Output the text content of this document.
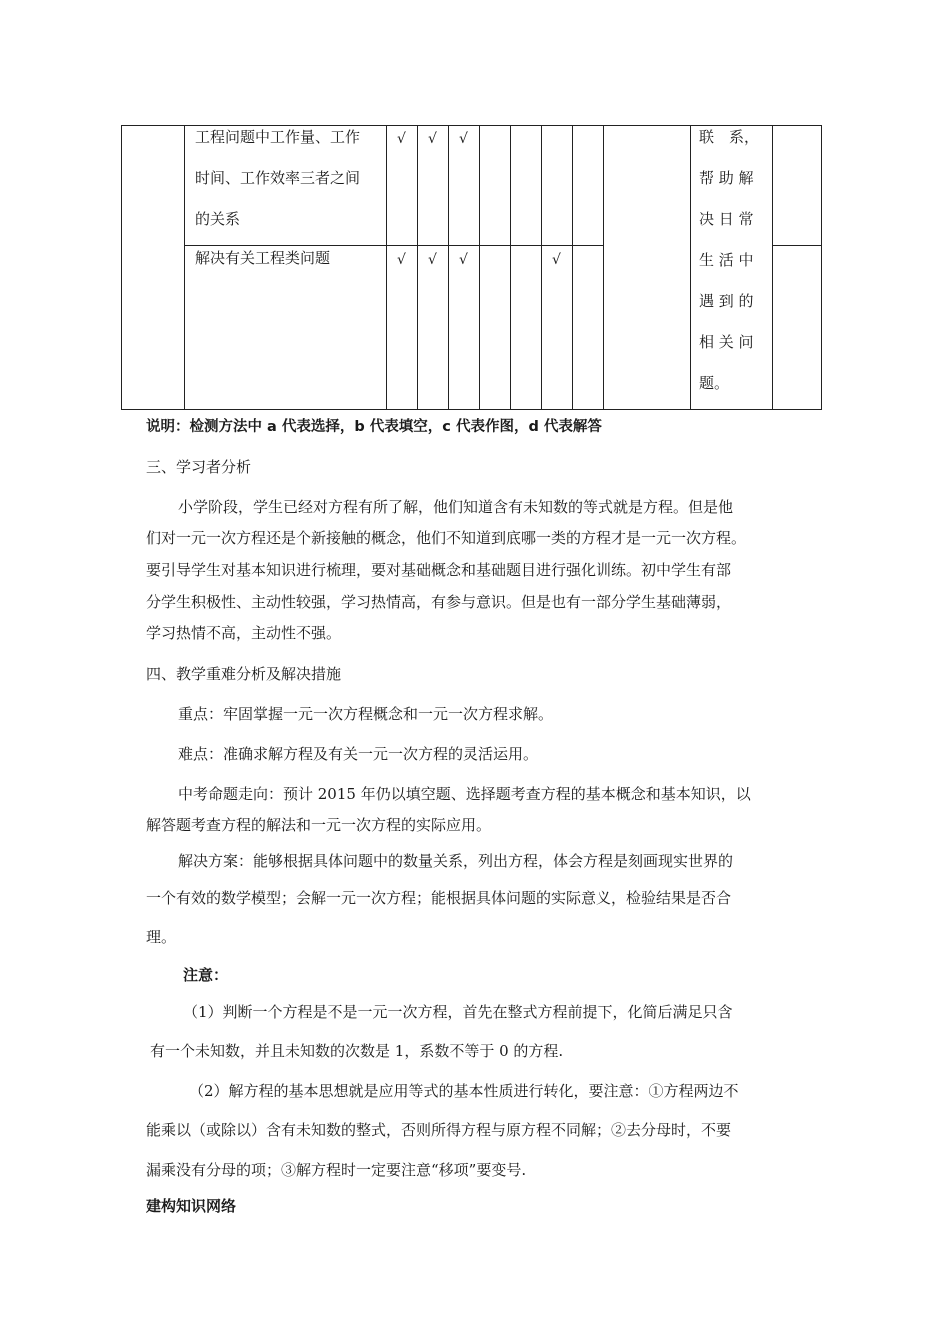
工程问题中工作量、工作
时间、工作效率三者之间
的关系
√ √ √
解决有关工程类问题	√ √ √	√
联　系，
帮 助 解
决 日 常
生 活 中
遇 到 的
相 关 问
题。
说明：检测方法中 a 代表选择，b 代表填空，c 代表作图，d 代表解答
三、学习者分析
小学阶段，学生已经对方程有所了解，他们知道含有未知数的等式就是方程。但是他
们对一元一次方程还是个新接触的概念，他们不知道到底哪一类的方程才是一元一次方程。
要引导学生对基本知识进行梳理，要对基础概念和基础题目进行强化训练。初中学生有部
分学生积极性、主动性较强，学习热情高，有参与意识。但是也有一部分学生基础薄弱，
学习热情不高，主动性不强。
四、教学重难分析及解决措施
重点：牢固掌握一元一次方程概念和一元一次方程求解。
难点：准确求解方程及有关一元一次方程的灵活运用。
中考命题走向：预计 2015 年仍以填空题、选择题考查方程的基本概念和基本知识，以
解答题考查方程的解法和一元一次方程的实际应用。
解决方案：能够根据具体问题中的数量关系，列出方程，体会方程是刻画现实世界的
一个有效的数学模型；会解一元一次方程；能根据具体问题的实际意义，检验结果是否合
理。
注意：
（1）判断一个方程是不是一元一次方程，首先在整式方程前提下，化简后满足只含
有一个未知数，并且未知数的次数是 1，系数不等于 0 的方程.
（2）解方程的基本思想就是应用等式的基本性质进行转化，要注意：①方程两边不
能乘以（或除以）含有未知数的整式，否则所得方程与原方程不同解；②去分母时，不要
漏乘没有分母的项；③解方程时一定要注意“移项”要变号.
建构知识网络
